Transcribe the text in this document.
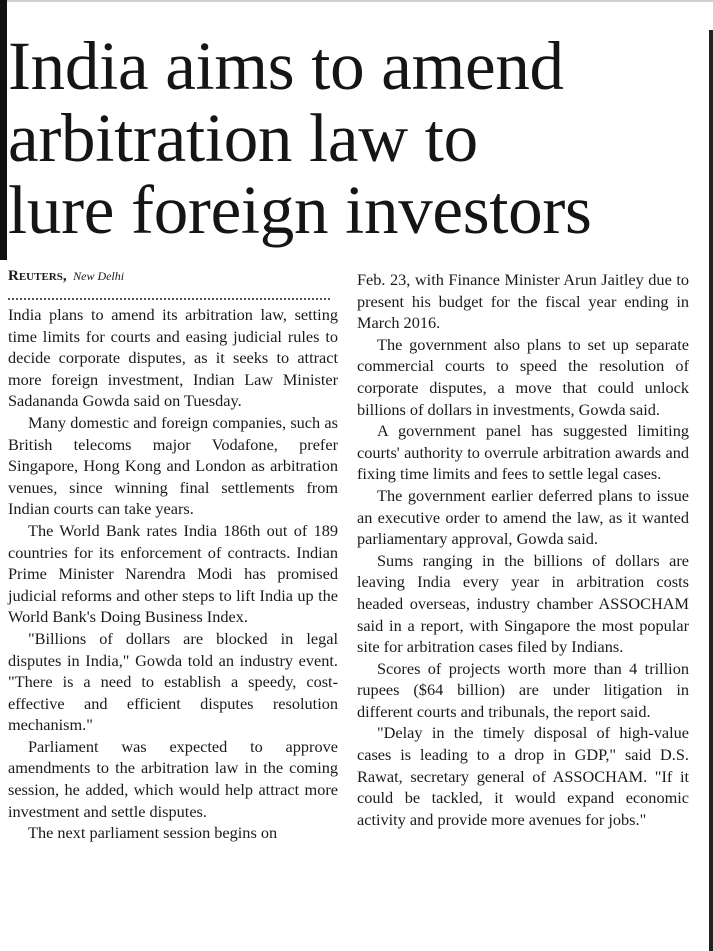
India aims to amend
arbitration law to
lure foreign investors
Reuters, New Delhi

India plans to amend its arbitration law, setting time limits for courts and easing judicial rules to decide corporate disputes, as it seeks to attract more foreign investment, Indian Law Minister Sadananda Gowda said on Tuesday.

Many domestic and foreign companies, such as British telecoms major Vodafone, prefer Singapore, Hong Kong and London as arbitration venues, since winning final settlements from Indian courts can take years.

The World Bank rates India 186th out of 189 countries for its enforcement of contracts. Indian Prime Minister Narendra Modi has promised judicial reforms and other steps to lift India up the World Bank's Doing Business Index.

"Billions of dollars are blocked in legal disputes in India," Gowda told an industry event. "There is a need to establish a speedy, cost-effective and efficient disputes resolution mechanism."

Parliament was expected to approve amendments to the arbitration law in the coming session, he added, which would help attract more investment and settle disputes.

The next parliament session begins on

Feb. 23, with Finance Minister Arun Jaitley due to present his budget for the fiscal year ending in March 2016.

The government also plans to set up separate commercial courts to speed the resolution of corporate disputes, a move that could unlock billions of dollars in investments, Gowda said.

A government panel has suggested limiting courts' authority to overrule arbitration awards and fixing time limits and fees to settle legal cases.

The government earlier deferred plans to issue an executive order to amend the law, as it wanted parliamentary approval, Gowda said.

Sums ranging in the billions of dollars are leaving India every year in arbitration costs headed overseas, industry chamber ASSOCHAM said in a report, with Singapore the most popular site for arbitration cases filed by Indians.

Scores of projects worth more than 4 trillion rupees ($64 billion) are under litigation in different courts and tribunals, the report said.

"Delay in the timely disposal of high-value cases is leading to a drop in GDP," said D.S. Rawat, secretary general of ASSOCHAM. "If it could be tackled, it would expand economic activity and provide more avenues for jobs."
